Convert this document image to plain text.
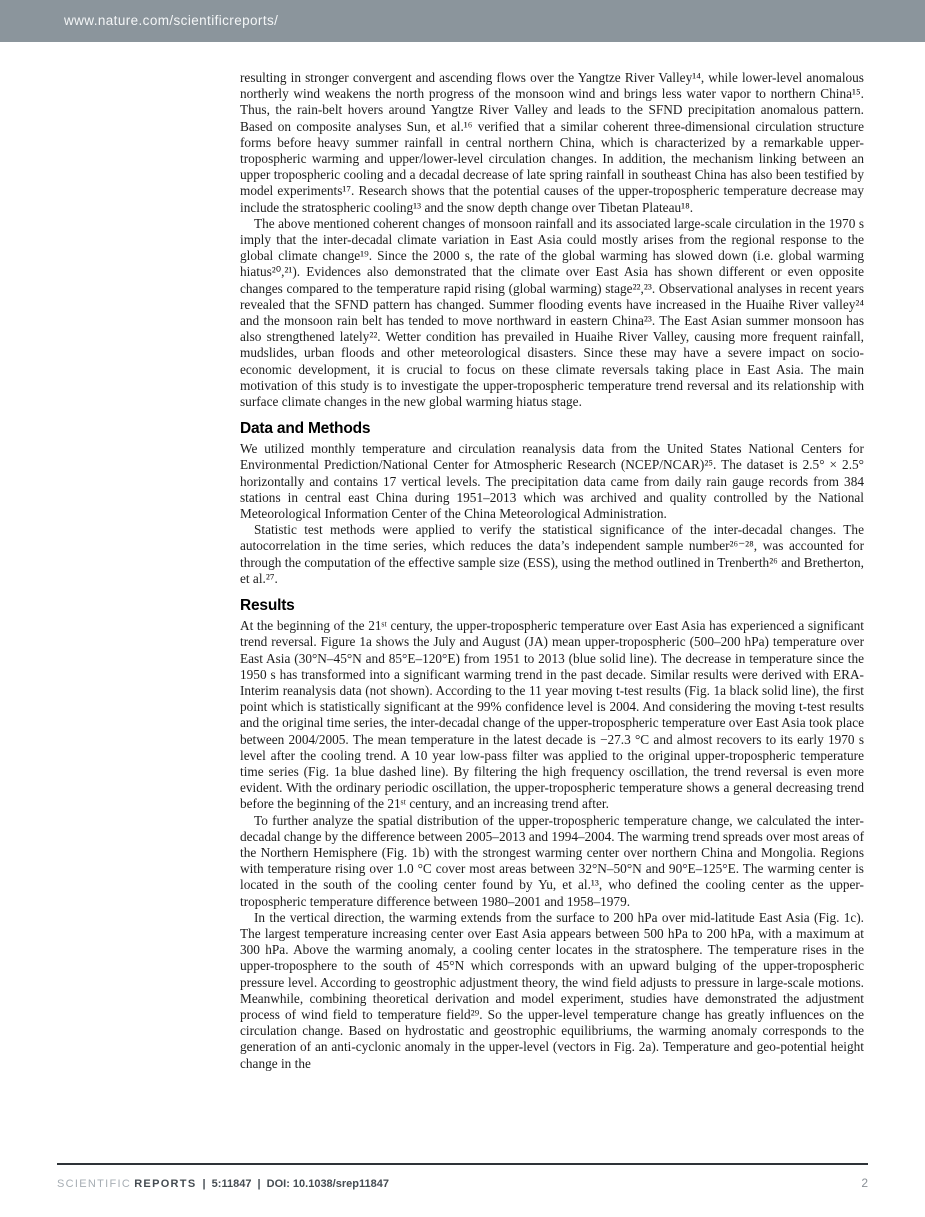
www.nature.com/scientificreports/

resulting in stronger convergent and ascending flows over the Yangtze River Valley¹⁴, while lower-level anomalous northerly wind weakens the north progress of the monsoon wind and brings less water vapor to northern China¹⁵. Thus, the rain-belt hovers around Yangtze River Valley and leads to the SFND precipitation anomalous pattern. Based on composite analyses Sun, et al.¹⁶ verified that a similar coherent three-dimensional circulation structure forms before heavy summer rainfall in central northern China, which is characterized by a remarkable upper-tropospheric warming and upper/lower-level circulation changes. In addition, the mechanism linking between an upper tropospheric cooling and a decadal decrease of late spring rainfall in southeast China has also been testified by model experiments¹⁷. Research shows that the potential causes of the upper-tropospheric temperature decrease may include the stratospheric cooling¹³ and the snow depth change over Tibetan Plateau¹⁸.

The above mentioned coherent changes of monsoon rainfall and its associated large-scale circulation in the 1970 s imply that the inter-decadal climate variation in East Asia could mostly arises from the regional response to the global climate change¹⁹. Since the 2000 s, the rate of the global warming has slowed down (i.e. global warming hiatus²⁰,²¹). Evidences also demonstrated that the climate over East Asia has shown different or even opposite changes compared to the temperature rapid rising (global warming) stage²²,²³. Observational analyses in recent years revealed that the SFND pattern has changed. Summer flooding events have increased in the Huaihe River valley²⁴ and the monsoon rain belt has tended to move northward in eastern China²³. The East Asian summer monsoon has also strengthened lately²². Wetter condition has prevailed in Huaihe River Valley, causing more frequent rainfall, mudslides, urban floods and other meteorological disasters. Since these may have a severe impact on socio-economic development, it is crucial to focus on these climate reversals taking place in East Asia. The main motivation of this study is to investigate the upper-tropospheric temperature trend reversal and its relationship with surface climate changes in the new global warming hiatus stage.

Data and Methods

We utilized monthly temperature and circulation reanalysis data from the United States National Centers for Environmental Prediction/National Center for Atmospheric Research (NCEP/NCAR)²⁵. The dataset is 2.5° × 2.5° horizontally and contains 17 vertical levels. The precipitation data came from daily rain gauge records from 384 stations in central east China during 1951–2013 which was archived and quality controlled by the National Meteorological Information Center of the China Meteorological Administration.

Statistic test methods were applied to verify the statistical significance of the inter-decadal changes. The autocorrelation in the time series, which reduces the data’s independent sample number²⁶⁻²⁸, was accounted for through the computation of the effective sample size (ESS), using the method outlined in Trenberth²⁶ and Bretherton, et al.²⁷.

Results

At the beginning of the 21ˢᵗ century, the upper-tropospheric temperature over East Asia has experienced a significant trend reversal. Figure 1a shows the July and August (JA) mean upper-tropospheric (500–200 hPa) temperature over East Asia (30°N–45°N and 85°E–120°E) from 1951 to 2013 (blue solid line). The decrease in temperature since the 1950 s has transformed into a significant warming trend in the past decade. Similar results were derived with ERA-Interim reanalysis data (not shown). According to the 11 year moving t-test results (Fig. 1a black solid line), the first point which is statistically significant at the 99% confidence level is 2004. And considering the moving t-test results and the original time series, the inter-decadal change of the upper-tropospheric temperature over East Asia took place between 2004/2005. The mean temperature in the latest decade is −27.3 °C and almost recovers to its early 1970 s level after the cooling trend. A 10 year low-pass filter was applied to the original upper-tropospheric temperature time series (Fig. 1a blue dashed line). By filtering the high frequency oscillation, the trend reversal is even more evident. With the ordinary periodic oscillation, the upper-tropospheric temperature shows a general decreasing trend before the beginning of the 21ˢᵗ century, and an increasing trend after.

To further analyze the spatial distribution of the upper-tropospheric temperature change, we calculated the inter-decadal change by the difference between 2005–2013 and 1994–2004. The warming trend spreads over most areas of the Northern Hemisphere (Fig. 1b) with the strongest warming center over northern China and Mongolia. Regions with temperature rising over 1.0 °C cover most areas between 32°N–50°N and 90°E–125°E. The warming center is located in the south of the cooling center found by Yu, et al.¹³, who defined the cooling center as the upper-tropospheric temperature difference between 1980–2001 and 1958–1979.

In the vertical direction, the warming extends from the surface to 200 hPa over mid-latitude East Asia (Fig. 1c). The largest temperature increasing center over East Asia appears between 500 hPa to 200 hPa, with a maximum at 300 hPa. Above the warming anomaly, a cooling center locates in the stratosphere. The temperature rises in the upper-troposphere to the south of 45°N which corresponds with an upward bulging of the upper-tropospheric pressure level. According to geostrophic adjustment theory, the wind field adjusts to pressure in large-scale motions. Meanwhile, combining theoretical derivation and model experiment, studies have demonstrated the adjustment process of wind field to temperature field²⁹. So the upper-level temperature change has greatly influences on the circulation change. Based on hydrostatic and geostrophic equilibriums, the warming anomaly corresponds to the generation of an anti-cyclonic anomaly in the upper-level (vectors in Fig. 2a). Temperature and geo-potential height change in the

SCIENTIFIC REPORTS | 5:11847 | DOI: 10.1038/srep11847	2
